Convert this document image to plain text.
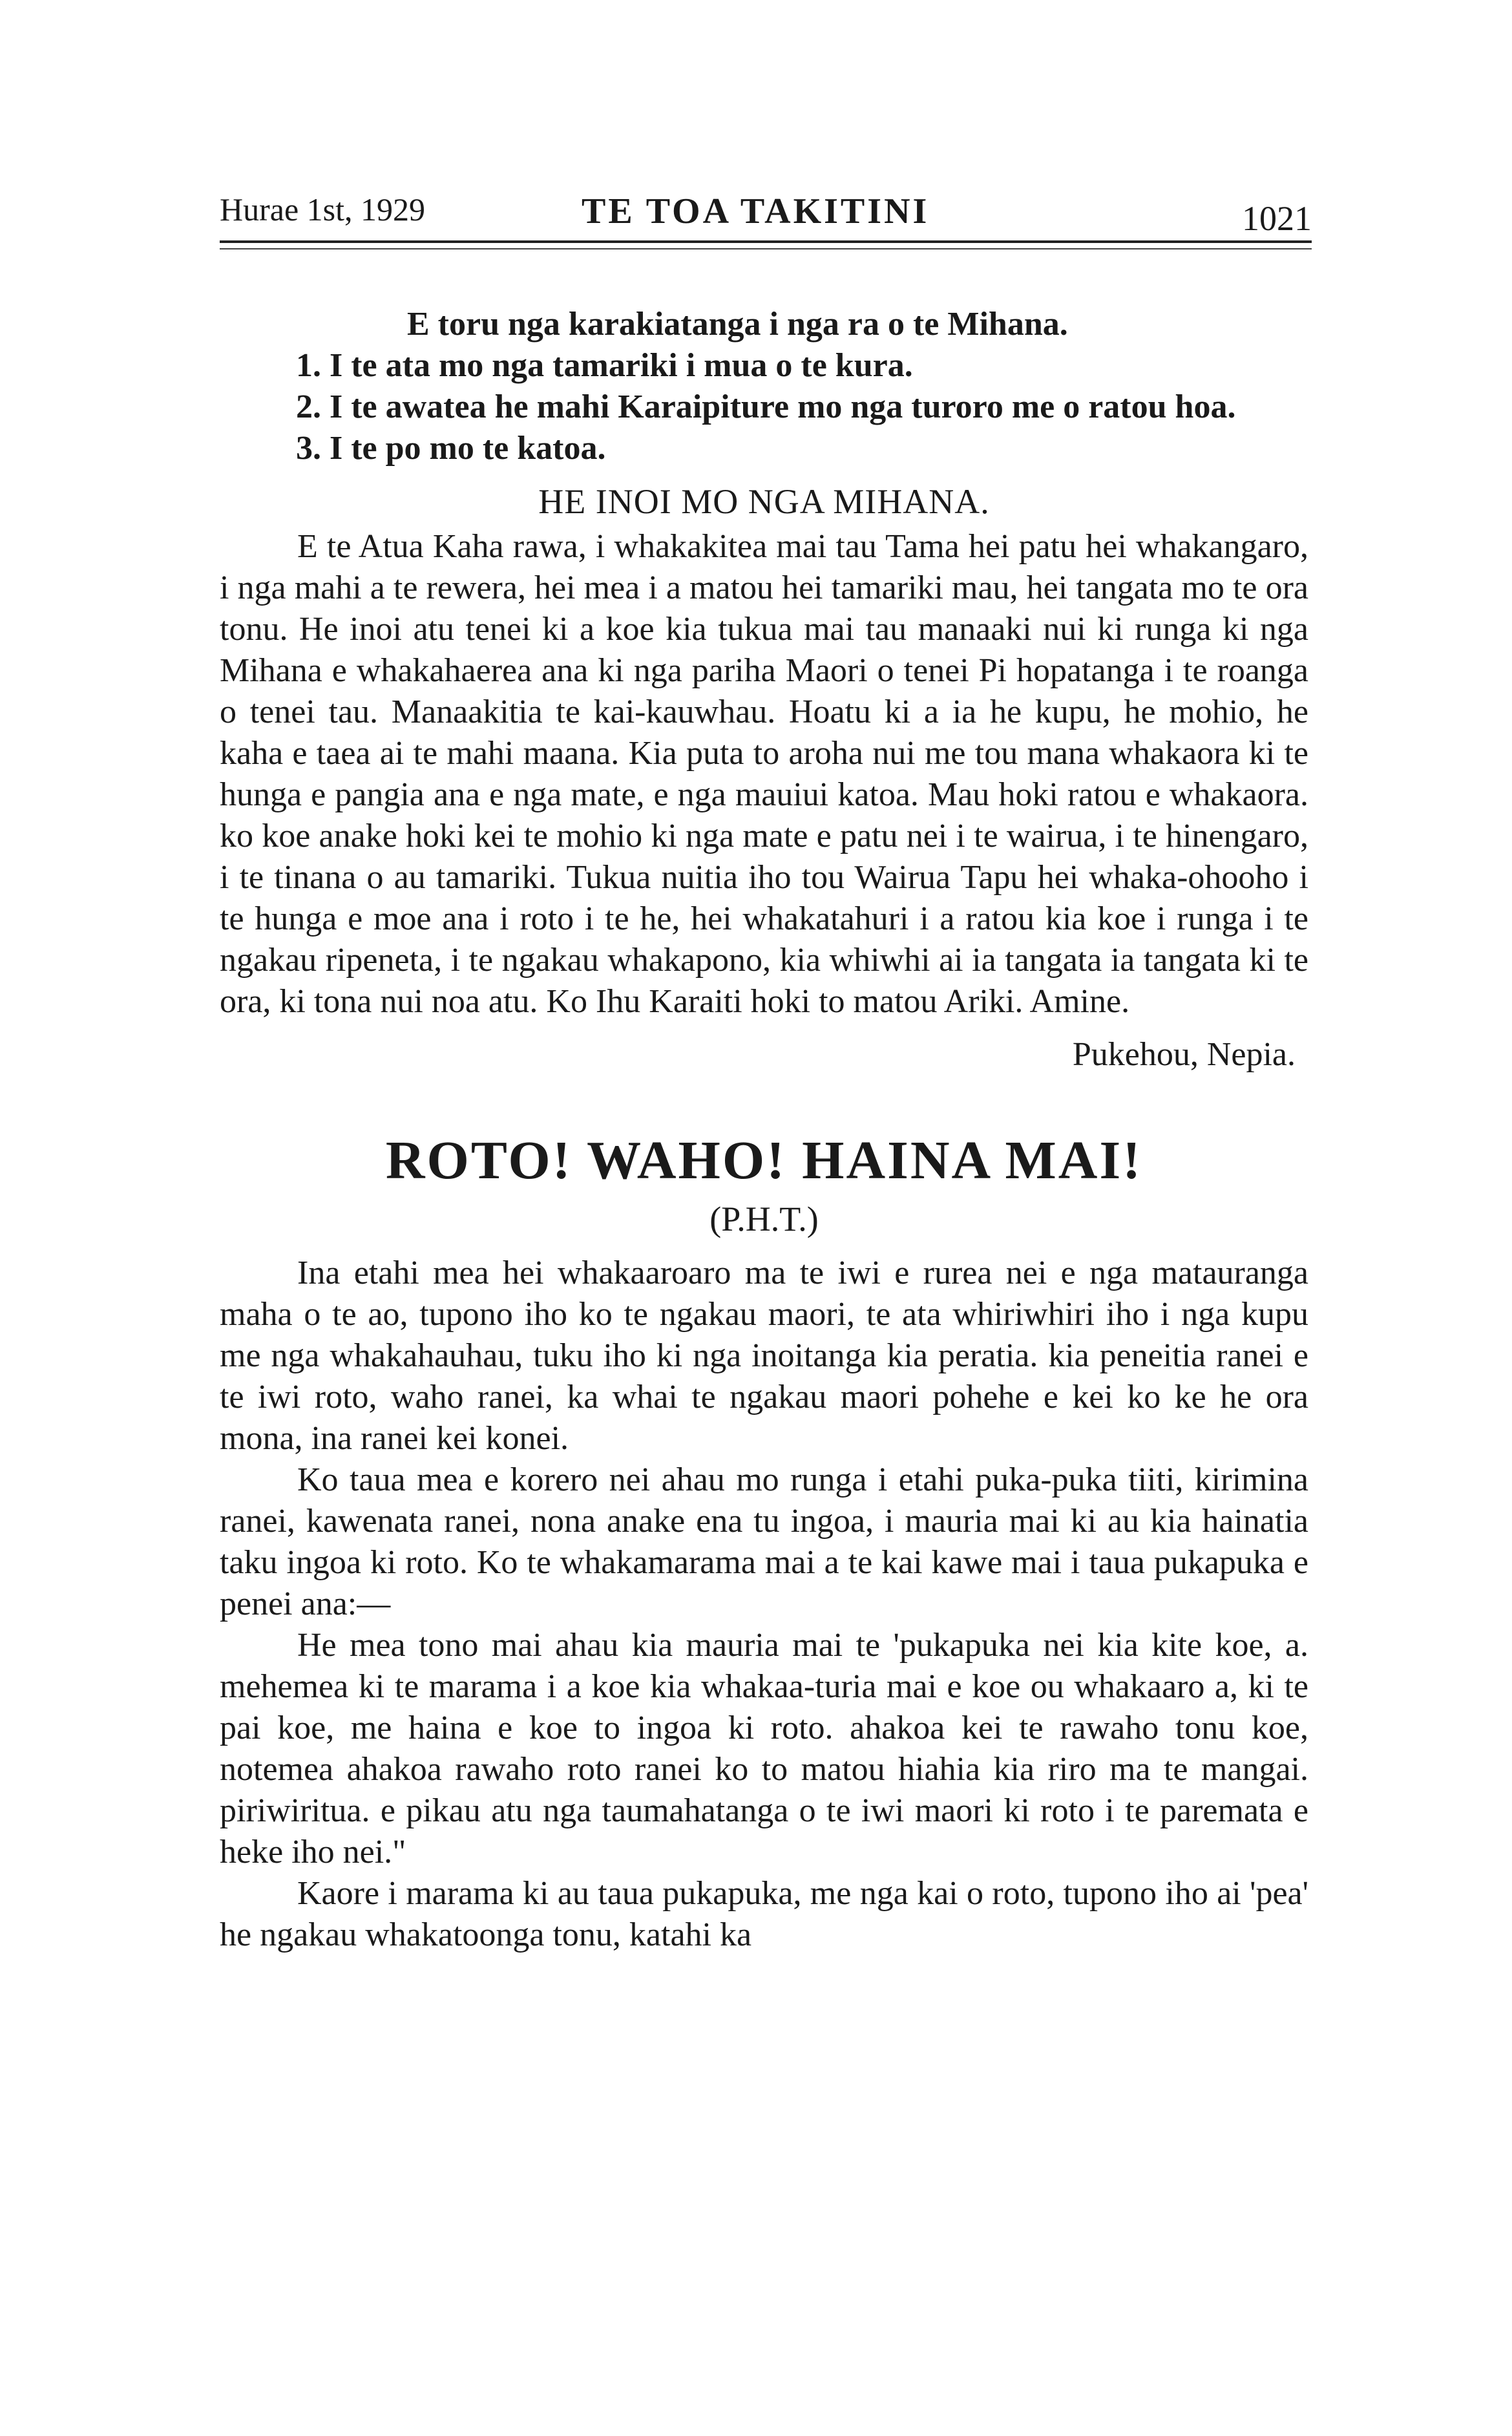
Hurae 1st, 1929	TE TOA TAKITINI	1021
E toru nga karakiatanga i nga ra o te Mihana.
1. I te ata mo nga tamariki i mua o te kura.
2. I te awatea he mahi Karaipiture mo nga turoro me o ratou hoa.
3. I te po mo te katoa.
HE INOI MO NGA MIHANA.

E te Atua Kaha rawa, i whakakitea mai tau Tama hei patu hei whakangaro, i nga mahi a te rewera, hei mea i a matou hei tamariki mau, hei tangata mo te ora tonu. He inoi atu tenei ki a koe kia tukua mai tau manaaki nui ki runga ki nga Mihana e whakahaerea ana ki nga pariha Maori o tenei Pi hopatanga i te roanga o tenei tau. Manaakitia te kai-kauwhau. Hoatu ki a ia he kupu, he mohio, he kaha e taea ai te mahi maana. Kia puta to aroha nui me tou mana whakaora ki te hunga e pangia ana e nga mate, e nga mauiui katoa. Mau hoki ratou e whakaora. ko koe anake hoki kei te mohio ki nga mate e patu nei i te wairua, i te hinengaro, i te tinana o au tamariki. Tukua nuitia iho tou Wairua Tapu hei whaka-ohooho i te hunga e moe ana i roto i te he, hei whakatahuri i a ratou kia koe i runga i te ngakau ripeneta, i te ngakau whakapono, kia whiwhi ai ia tangata ia tangata ki te ora, ki tona nui noa atu. Ko Ihu Karaiti hoki to matou Ariki. Amine.

Pukehou, Nepia.
ROTO! WAHO! HAINA MAI!
(P.H.T.)

Ina etahi mea hei whakaaroaro ma te iwi e rurea nei e nga matauranga maha o te ao, tupono iho ko te ngakau maori, te ata whiriwhiri iho i nga kupu me nga whakahauhau, tuku iho ki nga inoitanga kia peratia. kia peneitia ranei e te iwi roto, waho ranei, ka whai te ngakau maori pohehe e kei ko ke he ora mona, ina ranei kei konei.

Ko taua mea e korero nei ahau mo runga i etahi puka-puka tiiti, kirimina ranei, kawenata ranei, nona anake ena tu ingoa, i mauria mai ki au kia hainatia taku ingoa ki roto. Ko te whakamarama mai a te kai kawe mai i taua pukapuka e penei ana:—

He mea tono mai ahau kia mauria mai te 'pukapuka nei kia kite koe, a. mehemea ki te marama i a koe kia whakaa-turia mai e koe ou whakaaro a, ki te pai koe, me haina e koe to ingoa ki roto. ahakoa kei te rawaho tonu koe, notemea ahakoa rawaho roto ranei ko to matou hiahia kia riro ma te mangai. piriwiritua. e pikau atu nga taumahatanga o te iwi maori ki roto i te paremata e heke iho nei."

Kaore i marama ki au taua pukapuka, me nga kai o roto, tupono iho ai 'pea' he ngakau whakatoonga tonu, katahi ka
